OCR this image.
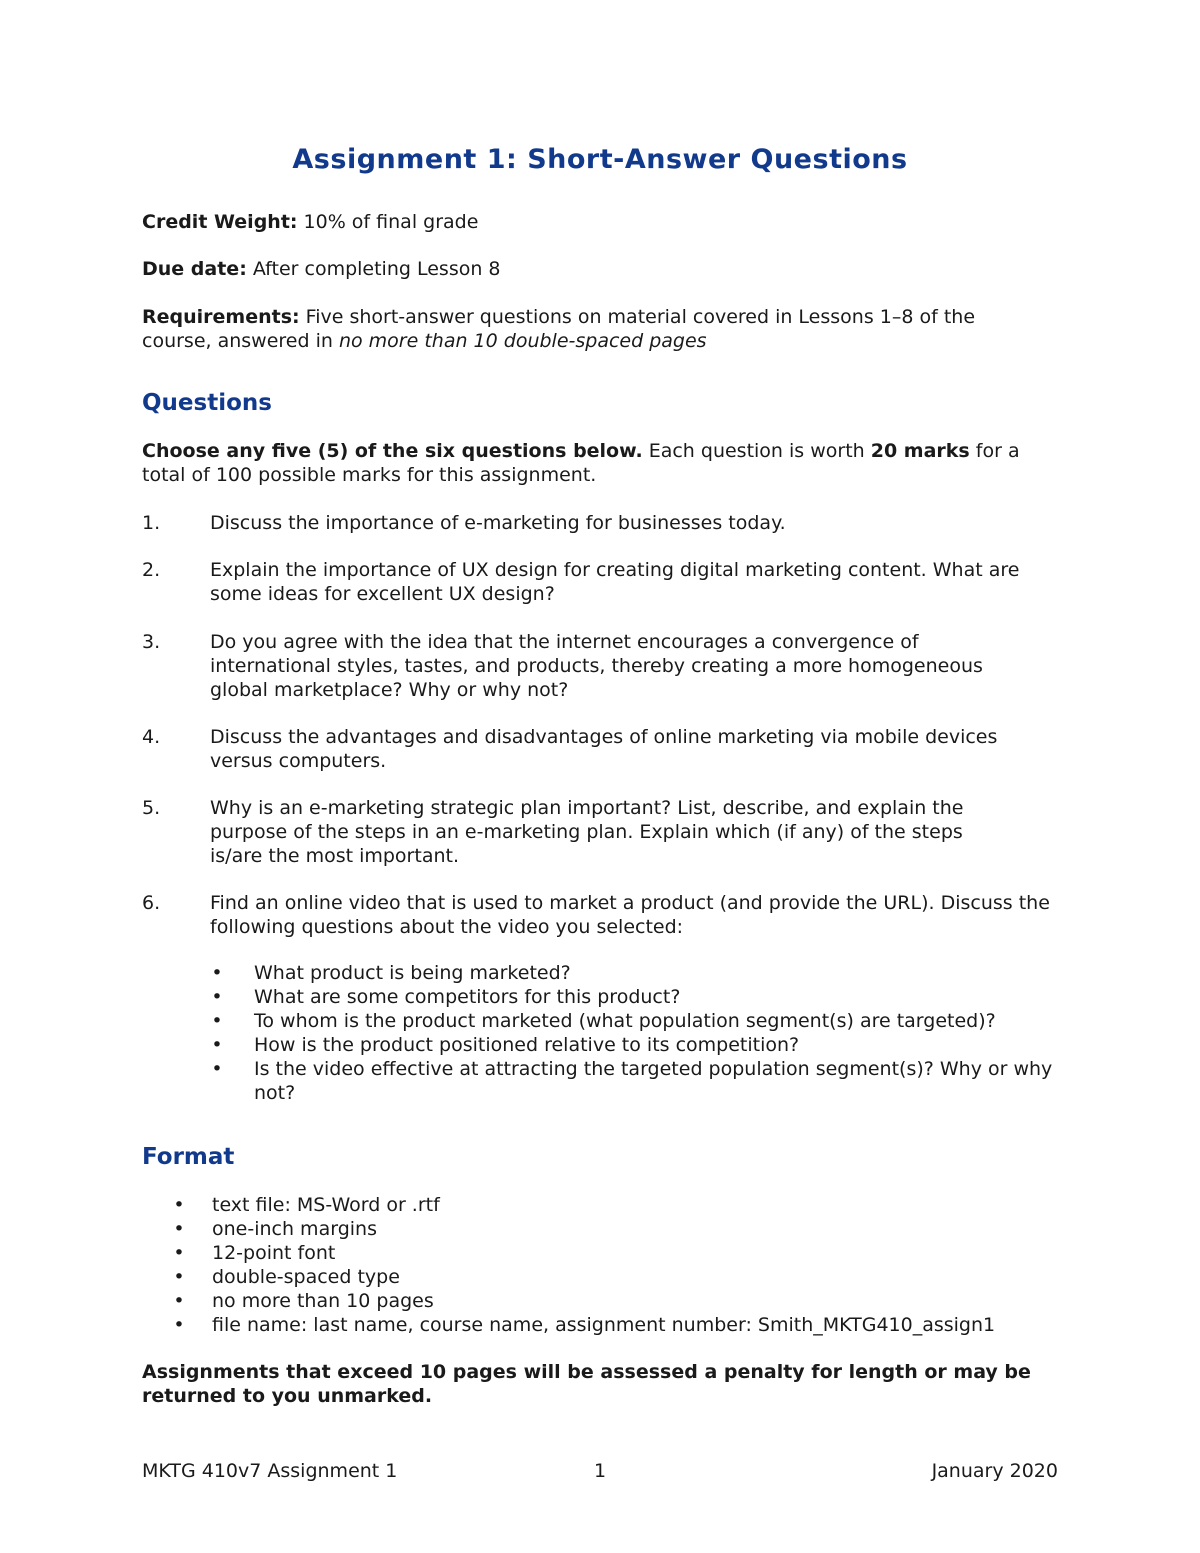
Assignment 1: Short-Answer Questions
Credit Weight: 10% of final grade
Due date: After completing Lesson 8
Requirements: Five short-answer questions on material covered in Lessons 1–8 of the course, answered in no more than 10 double-spaced pages
Questions
Choose any five (5) of the six questions below. Each question is worth 20 marks for a total of 100 possible marks for this assignment.
1.	Discuss the importance of e-marketing for businesses today.
2.	Explain the importance of UX design for creating digital marketing content. What are some ideas for excellent UX design?
3.	Do you agree with the idea that the internet encourages a convergence of international styles, tastes, and products, thereby creating a more homogeneous global marketplace? Why or why not?
4.	Discuss the advantages and disadvantages of online marketing via mobile devices versus computers.
5.	Why is an e-marketing strategic plan important? List, describe, and explain the purpose of the steps in an e-marketing plan. Explain which (if any) of the steps is/are the most important.
6.	Find an online video that is used to market a product (and provide the URL). Discuss the following questions about the video you selected:
• What product is being marketed?
• What are some competitors for this product?
• To whom is the product marketed (what population segment(s) are targeted)?
• How is the product positioned relative to its competition?
• Is the video effective at attracting the targeted population segment(s)? Why or why not?
Format
• text file: MS-Word or .rtf
• one-inch margins
• 12-point font
• double-spaced type
• no more than 10 pages
• file name: last name, course name, assignment number: Smith_MKTG410_assign1
Assignments that exceed 10 pages will be assessed a penalty for length or may be returned to you unmarked.
MKTG 410v7 Assignment 1	1	January 2020
